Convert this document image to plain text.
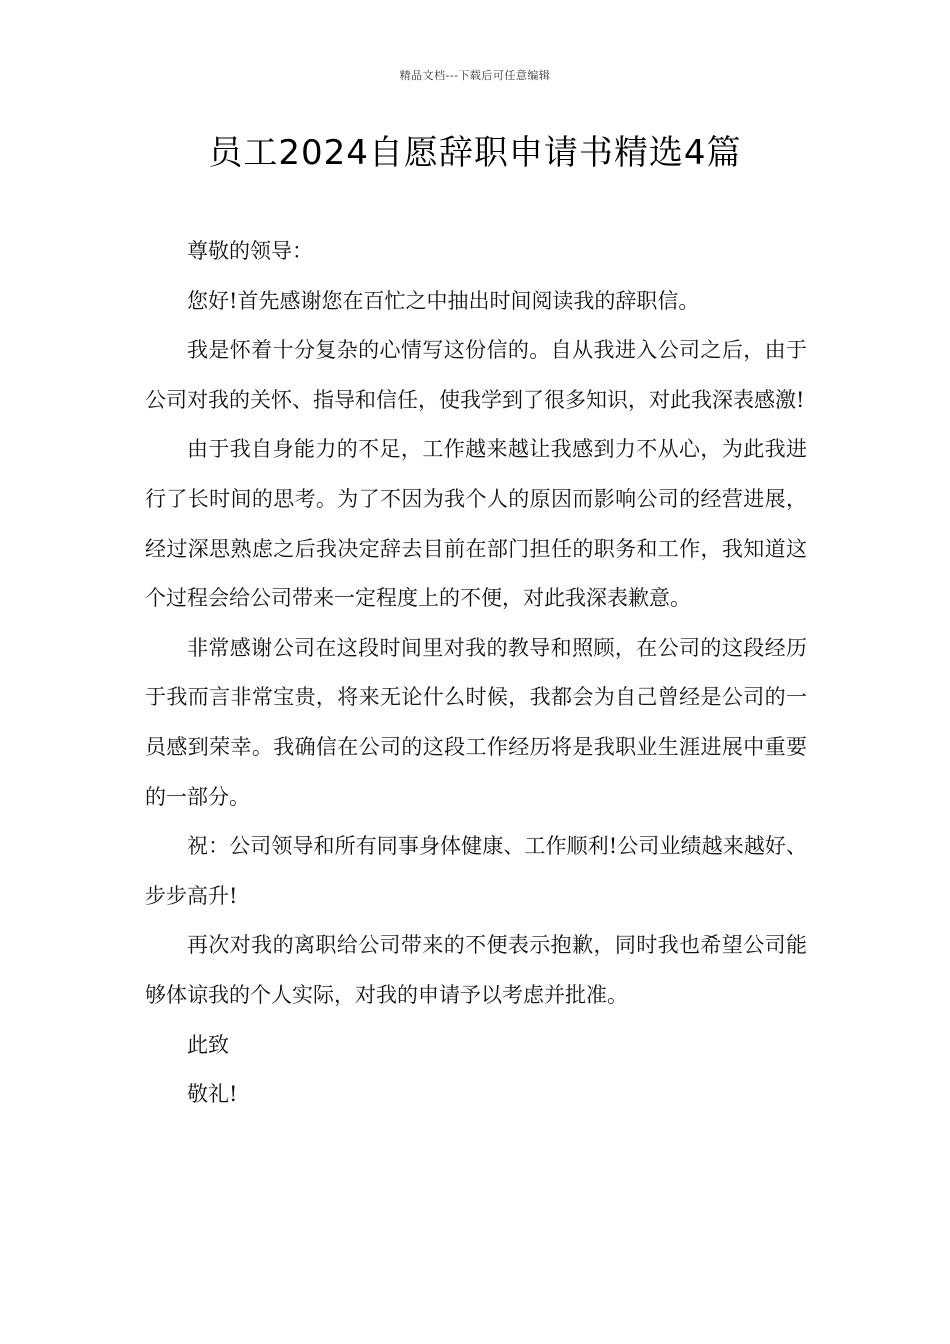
精品文档---下载后可任意编辑
员工2024自愿辞职申请书精选4篇

尊敬的领导：

您好!首先感谢您在百忙之中抽出时间阅读我的辞职信。

我是怀着十分复杂的心情写这份信的。自从我进入公司之后，由于公司对我的关怀、指导和信任，使我学到了很多知识，对此我深表感激!

由于我自身能力的不足，工作越来越让我感到力不从心，为此我进行了长时间的思考。为了不因为我个人的原因而影响公司的经营进展，经过深思熟虑之后我决定辞去目前在部门担任的职务和工作，我知道这个过程会给公司带来一定程度上的不便，对此我深表歉意。

非常感谢公司在这段时间里对我的教导和照顾，在公司的这段经历于我而言非常宝贵，将来无论什么时候，我都会为自己曾经是公司的一员感到荣幸。我确信在公司的这段工作经历将是我职业生涯进展中重要的一部分。

祝：公司领导和所有同事身体健康、工作顺利!公司业绩越来越好、步步高升!

再次对我的离职给公司带来的不便表示抱歉，同时我也希望公司能够体谅我的个人实际，对我的申请予以考虑并批准。

此致

敬礼!
